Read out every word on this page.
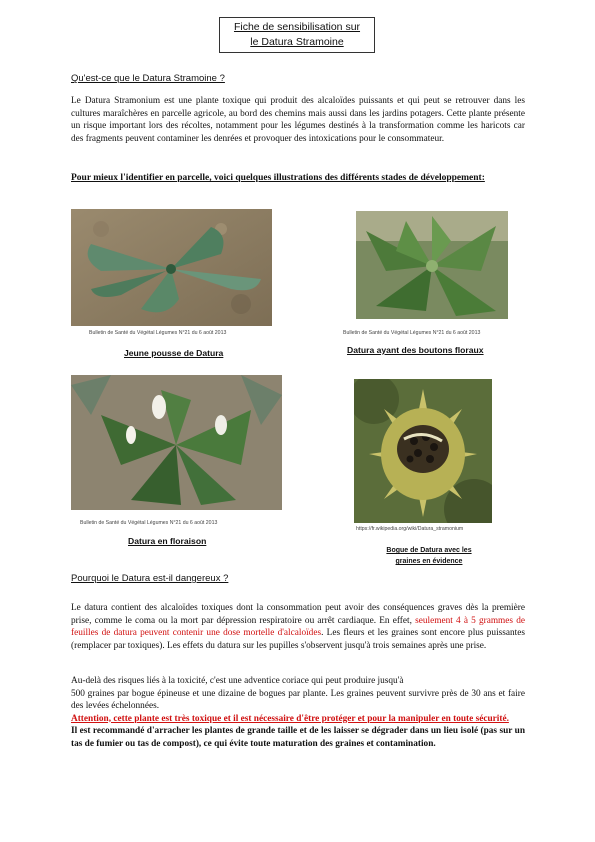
Fiche de sensibilisation sur
le Datura Stramoine
Qu'est-ce que le Datura Stramoine ?

Le Datura Stramonium est une plante toxique qui produit des alcaloïdes puissants et qui peut se retrouver dans les cultures maraîchères en parcelle agricole, au bord des chemins mais aussi dans les jardins potagers. Cette plante présente un risque important lors des récoltes, notamment pour les légumes destinés à la transformation comme les haricots car des fragments peuvent contaminer les denrées et provoquer des intoxications pour le consommateur.

Pour mieux l'identifier en parcelle, voici quelques illustrations des différents stades de développement:
Bulletin de Santé du Végétal Légumes N°21 du 6 août 2013
Jeune pousse de Datura
Bulletin de Santé du Végétal Légumes N°21 du 6 août 2013
Datura ayant des boutons floraux
Bulletin de Santé du Végétal Légumes N°21 du 6 août 2013
Datura en floraison
https://fr.wikipedia.org/wiki/Datura_stramonium
Bogue de Datura avec les
graines en évidence
Pourquoi le Datura est-il dangereux ?

Le datura contient des alcaloïdes toxiques dont la consommation peut avoir des conséquences graves dès la première prise, comme le coma ou la mort par dépression respiratoire ou arrêt cardiaque. En effet, seulement 4 à 5 grammes de feuilles de datura peuvent contenir une dose mortelle d'alcaloïdes. Les fleurs et les graines sont encore plus puissantes (remplacer par toxiques). Les effets du datura sur les pupilles s'observent jusqu'à trois semaines après une prise.

Au-delà des risques liés à la toxicité, c'est une adventice coriace qui peut produire jusqu'à

500 graines par bogue épineuse et une dizaine de bogues par plante. Les graines peuvent survivre près de 30 ans et faire des levées échelonnées.

Attention, cette plante est très toxique et il est nécessaire d'être protéger et pour la manipuler en toute sécurité.

Il est recommandé d'arracher les plantes de grande taille et de les laisser se dégrader dans un lieu isolé (pas sur un tas de fumier ou tas de compost), ce qui évite toute maturation des graines et contamination.
